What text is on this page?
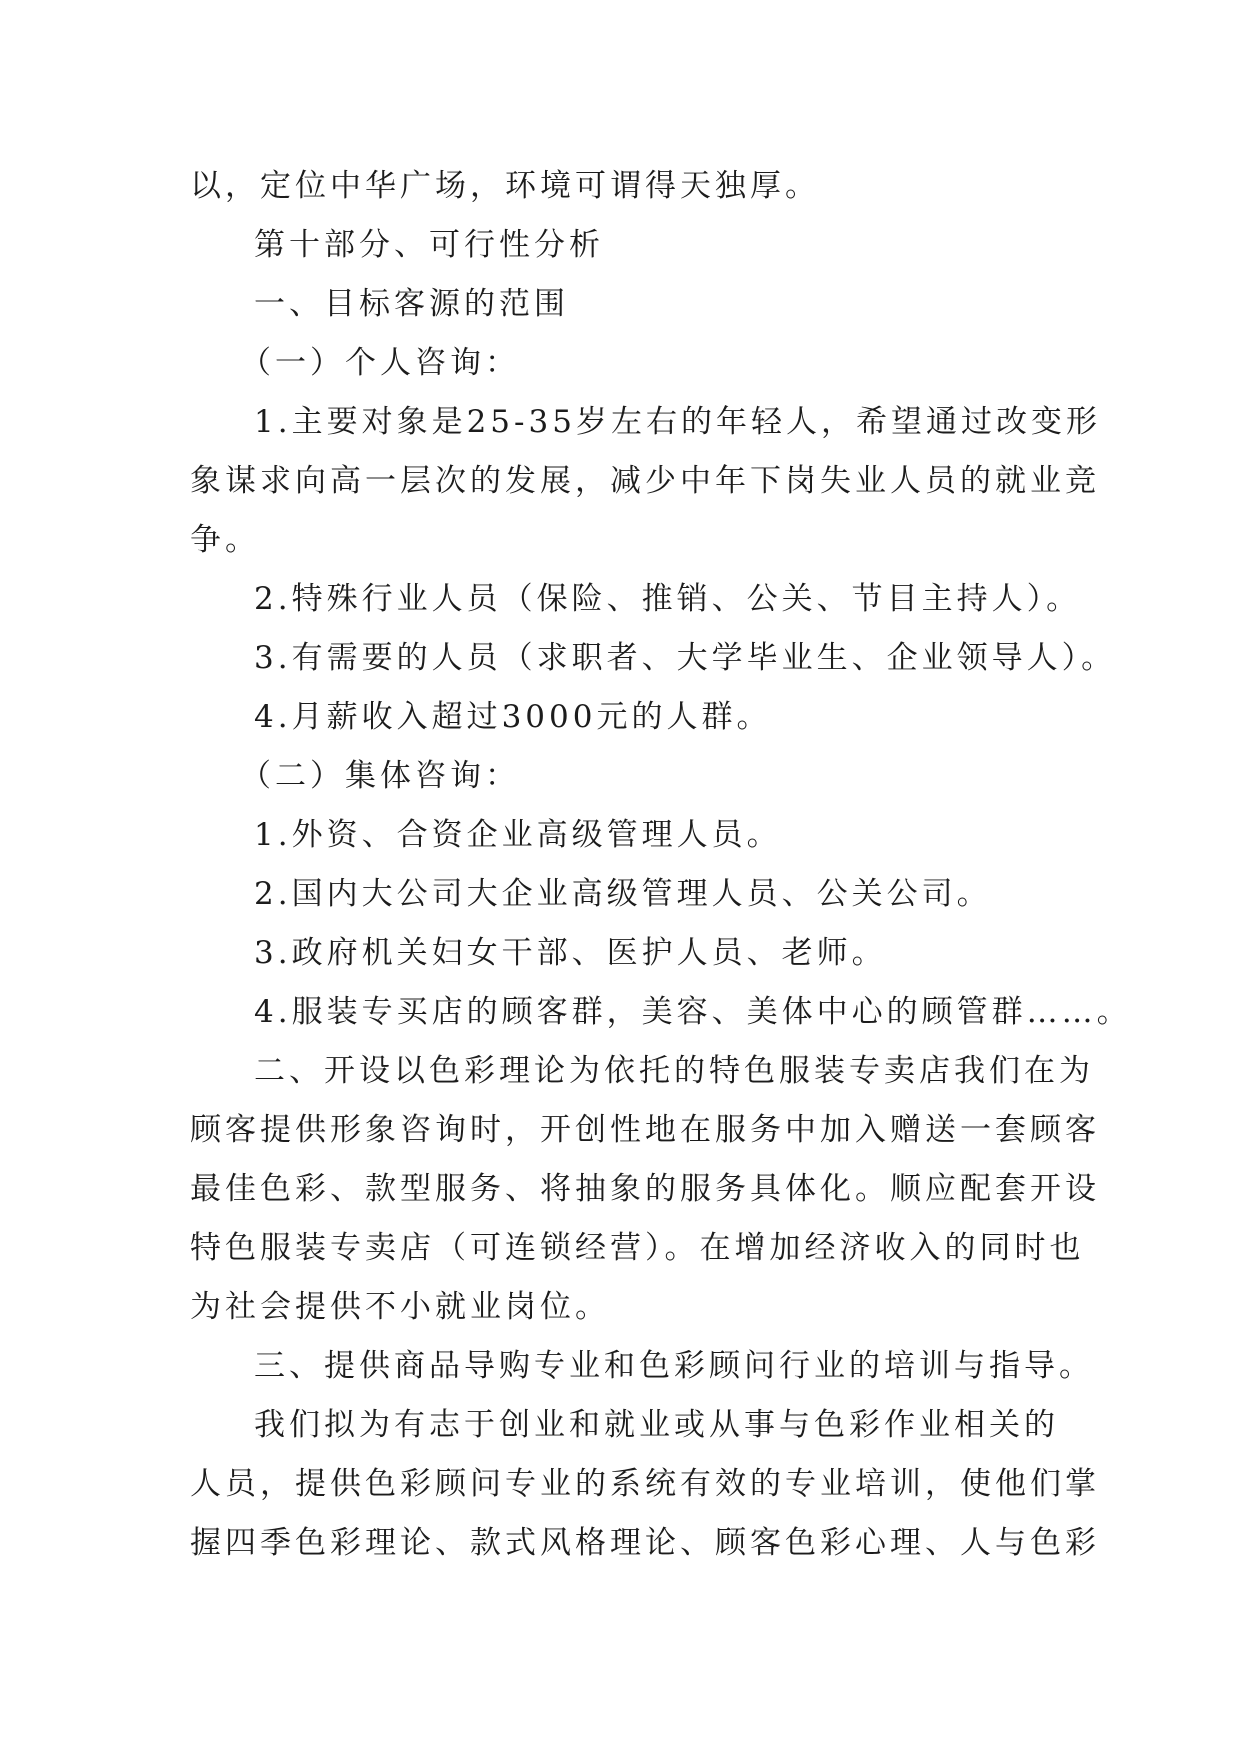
以，定位中华广场，环境可谓得天独厚。
第十部分、可行性分析
一、目标客源的范围
（一）个人咨询：
1.主要对象是25-35岁左右的年轻人，希望通过改变形
象谋求向高一层次的发展，减少中年下岗失业人员的就业竞
争。
2.特殊行业人员（保险、推销、公关、节目主持人）。
3.有需要的人员（求职者、大学毕业生、企业领导人）。
4.月薪收入超过3000元的人群。
（二）集体咨询：
1.外资、合资企业高级管理人员。
2.国内大公司大企业高级管理人员、公关公司。
3.政府机关妇女干部、医护人员、老师。
4.服装专买店的顾客群，美容、美体中心的顾管群……。
二、开设以色彩理论为依托的特色服装专卖店我们在为
顾客提供形象咨询时，开创性地在服务中加入赠送一套顾客
最佳色彩、款型服务、将抽象的服务具体化。顺应配套开设
特色服装专卖店（可连锁经营）。在增加经济收入的同时也
为社会提供不小就业岗位。
三、提供商品导购专业和色彩顾问行业的培训与指导。
我们拟为有志于创业和就业或从事与色彩作业相关的
人员，提供色彩顾问专业的系统有效的专业培训，使他们掌
握四季色彩理论、款式风格理论、顾客色彩心理、人与色彩
